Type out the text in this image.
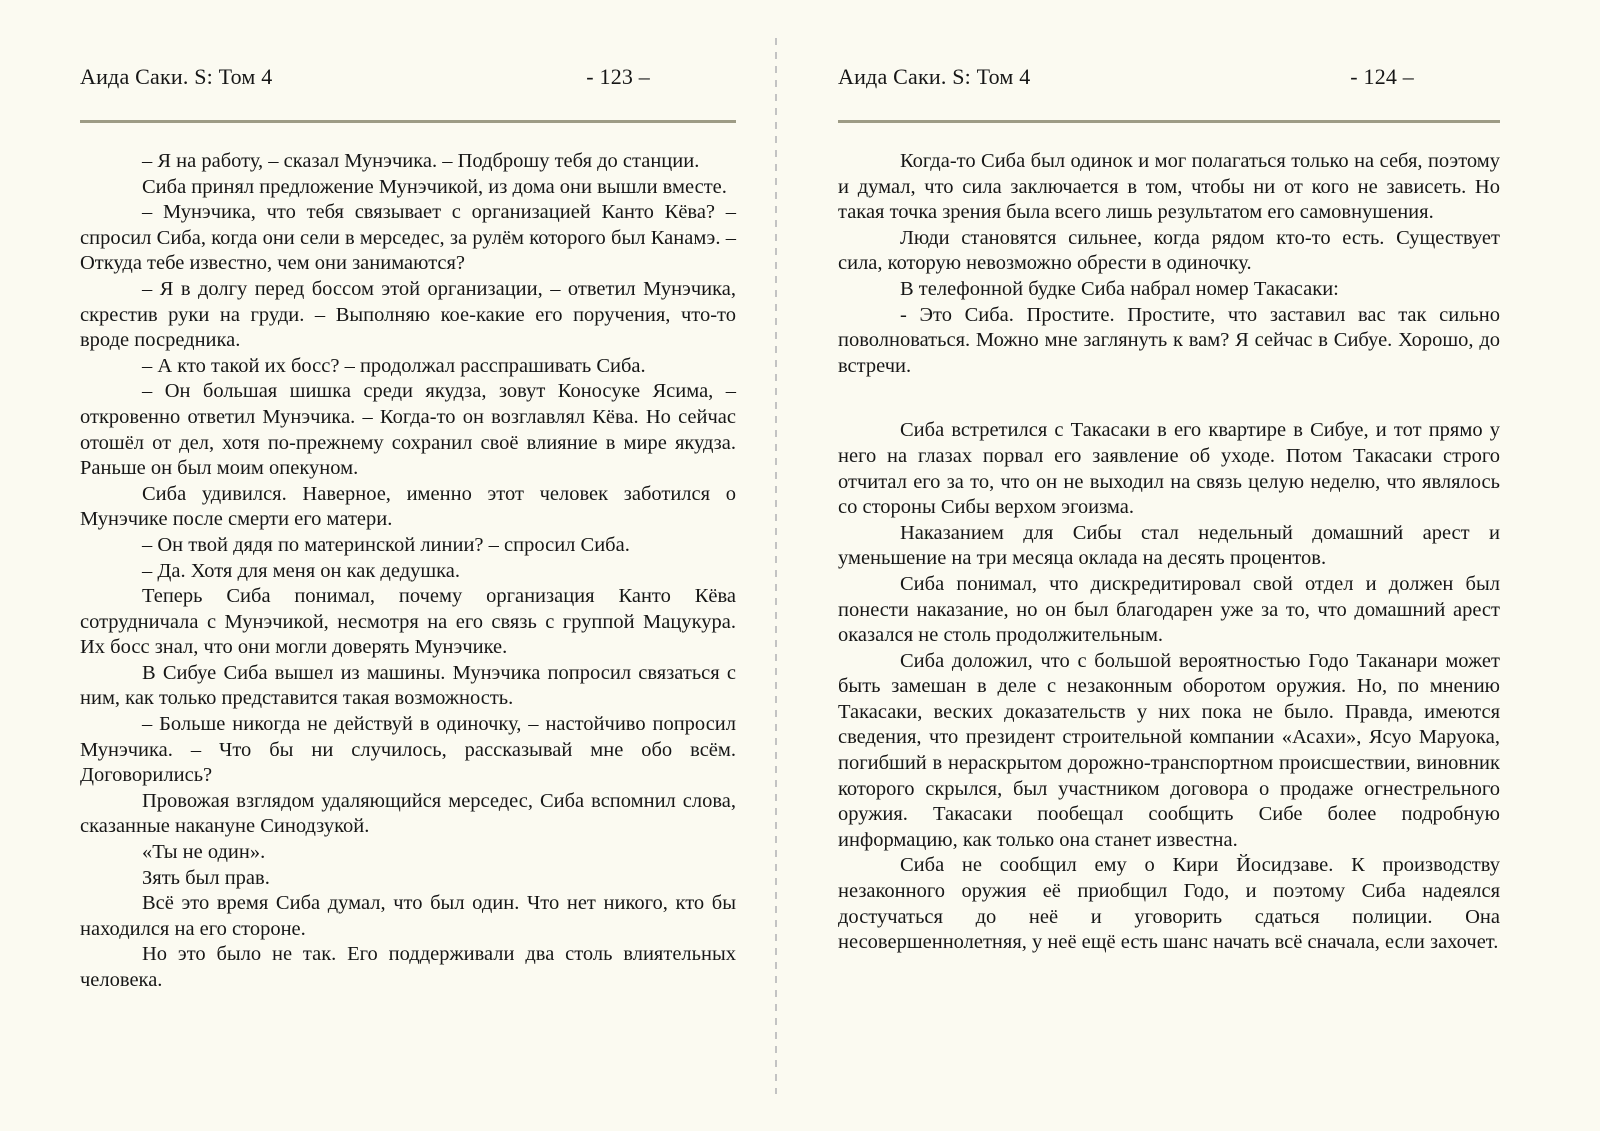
Аида Саки. S: Том 4	- 123 –

– Я на работу, – сказал Мунэчика. – Подброшу тебя до станции.

Сиба принял предложение Мунэчикой, из дома они вышли вместе.

– Мунэчика, что тебя связывает с организацией Канто Кёва? – спросил Сиба, когда они сели в мерседес, за рулём которого был Канамэ. – Откуда тебе известно, чем они занимаются?

– Я в долгу перед боссом этой организации, – ответил Мунэчика, скрестив руки на груди. – Выполняю кое-какие его поручения, что-то вроде посредника.

– А кто такой их босс? – продолжал расспрашивать Сиба.

– Он большая шишка среди якудза, зовут Коносуке Ясима, – откровенно ответил Мунэчика. – Когда-то он возглавлял Кёва. Но сейчас отошёл от дел, хотя по-прежнему сохранил своё влияние в мире якудза. Раньше он был моим опекуном.

Сиба удивился. Наверное, именно этот человек заботился о Мунэчике после смерти его матери.

– Он твой дядя по материнской линии? – спросил Сиба.

– Да. Хотя для меня он как дедушка.

Теперь Сиба понимал, почему организация Канто Кёва сотрудничала с Мунэчикой, несмотря на его связь с группой Мацукура. Их босс знал, что они могли доверять Мунэчике.

В Сибуе Сиба вышел из машины. Мунэчика попросил связаться с ним, как только представится такая возможность.

– Больше никогда не действуй в одиночку, – настойчиво попросил Мунэчика. – Что бы ни случилось, рассказывай мне обо всём. Договорились?

Провожая взглядом удаляющийся мерседес, Сиба вспомнил слова, сказанные накануне Синодзукой.

«Ты не один».

Зять был прав.

Всё это время Сиба думал, что был один. Что нет никого, кто бы находился на его стороне.

Но это было не так. Его поддерживали два столь влиятельных человека.

Аида Саки. S: Том 4	- 124 –

Когда-то Сиба был одинок и мог полагаться только на себя, поэтому и думал, что сила заключается в том, чтобы ни от кого не зависеть. Но такая точка зрения была всего лишь результатом его самовнушения.

Люди становятся сильнее, когда рядом кто-то есть. Существует сила, которую невозможно обрести в одиночку.

В телефонной будке Сиба набрал номер Такасаки:

- Это Сиба. Простите. Простите, что заставил вас так сильно поволноваться. Можно мне заглянуть к вам? Я сейчас в Сибуе. Хорошо, до встречи.

Сиба встретился с Такасаки в его квартире в Сибуе, и тот прямо у него на глазах порвал его заявление об уходе. Потом Такасаки строго отчитал его за то, что он не выходил на связь целую неделю, что являлось со стороны Сибы верхом эгоизма.

Наказанием для Сибы стал недельный домашний арест и уменьшение на три месяца оклада на десять процентов.

Сиба понимал, что дискредитировал свой отдел и должен был понести наказание, но он был благодарен уже за то, что домашний арест оказался не столь продолжительным.

Сиба доложил, что с большой вероятностью Годо Таканари может быть замешан в деле с незаконным оборотом оружия. Но, по мнению Такасаки, веских доказательств у них пока не было. Правда, имеются сведения, что президент строительной компании «Асахи», Ясуо Маруока, погибший в нераскрытом дорожно-транспортном происшествии, виновник которого скрылся, был участником договора о продаже огнестрельного оружия. Такасаки пообещал сообщить Сибе более подробную информацию, как только она станет известна.

Сиба не сообщил ему о Кири Йосидзаве. К производству незаконного оружия её приобщил Годо, и поэтому Сиба надеялся достучаться до неё и уговорить сдаться полиции. Она несовершеннолетняя, у неё ещё есть шанс начать всё сначала, если захочет.
